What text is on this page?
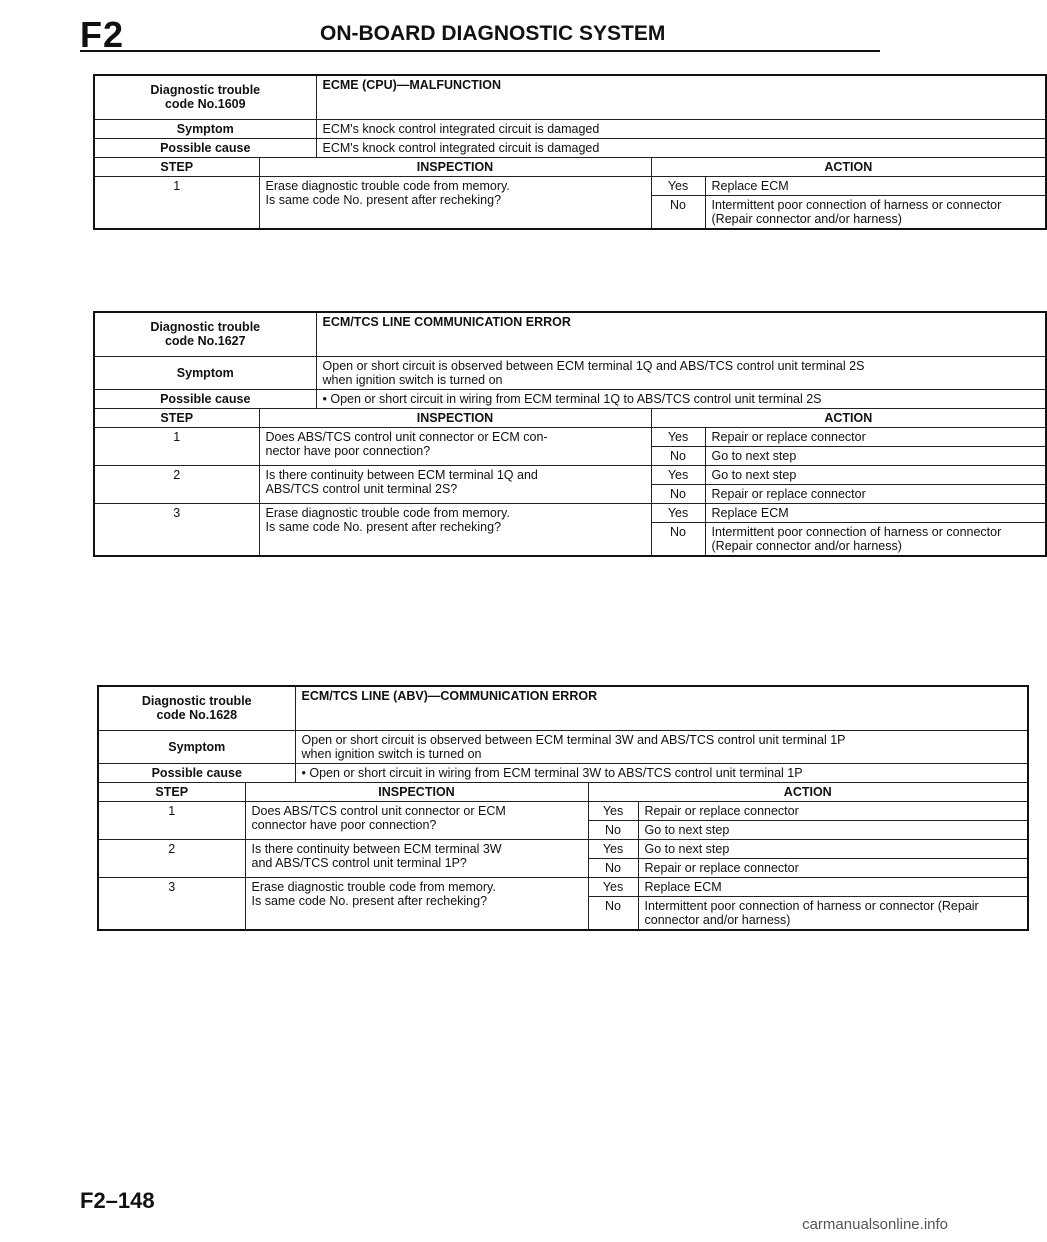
F2	ON-BOARD DIAGNOSTIC SYSTEM
Diagnostic trouble
code No.1609		ECME (CPU)—MALFUNCTION		
Symptom		ECM's knock control integrated circuit is damaged		

Possible cause		ECM's knock control integrated circuit is damaged		
STEP	INSPECTION		ACTION	
1	Erase diagnostic trouble code from memory.
Is same code No. present after recheking?		Yes	Replace ECM

			No	Intermittent poor connection of harness or connector
(Repair connector and/or harness)
Diagnostic trouble
code No.1627		ECM/TCS LINE COMMUNICATION ERROR		
Symptom		Open or short circuit is observed between ECM terminal 1Q and ABS/TCS control unit terminal 2S
when ignition switch is turned on		

Possible cause		• Open or short circuit in wiring from ECM terminal 1Q to ABS/TCS control unit terminal 2S
STEP	INSPECTION		ACTION	
1	Does ABS/TCS control unit connector or ECM con-
nector have poor connection?		Yes	Repair or replace connector

			No	Go to next step

2	Is there continuity between ECM terminal 1Q and
ABS/TCS control unit terminal 2S?		Yes	Go to next step

			No	Repair or replace connector

3	Erase diagnostic trouble code from memory.
Is same code No. present after recheking?		Yes	Replace ECM

			No	Intermittent poor connection of harness or connector
(Repair connector and/or harness)
Diagnostic trouble
code No.1628		ECM/TCS LINE (ABV)—COMMUNICATION ERROR		
Symptom		Open or short circuit is observed between ECM terminal 3W and ABS/TCS control unit terminal 1P
when ignition switch is turned on		

Possible cause		• Open or short circuit in wiring from ECM terminal 3W to ABS/TCS control unit terminal 1P
STEP	INSPECTION		ACTION	
1	Does ABS/TCS control unit connector or ECM
connector have poor connection?		Yes	Repair or replace connector

			No	Go to next step

2	Is there continuity between ECM terminal 3W
and ABS/TCS control unit terminal 1P?		Yes	Go to next step

			No	Repair or replace connector

3	Erase diagnostic trouble code from memory.
Is same code No. present after recheking?		Yes	Replace ECM

			No	Intermittent poor connection of harness or connector (Repair
connector and/or harness)
F2–148
carmanualsonline.info
